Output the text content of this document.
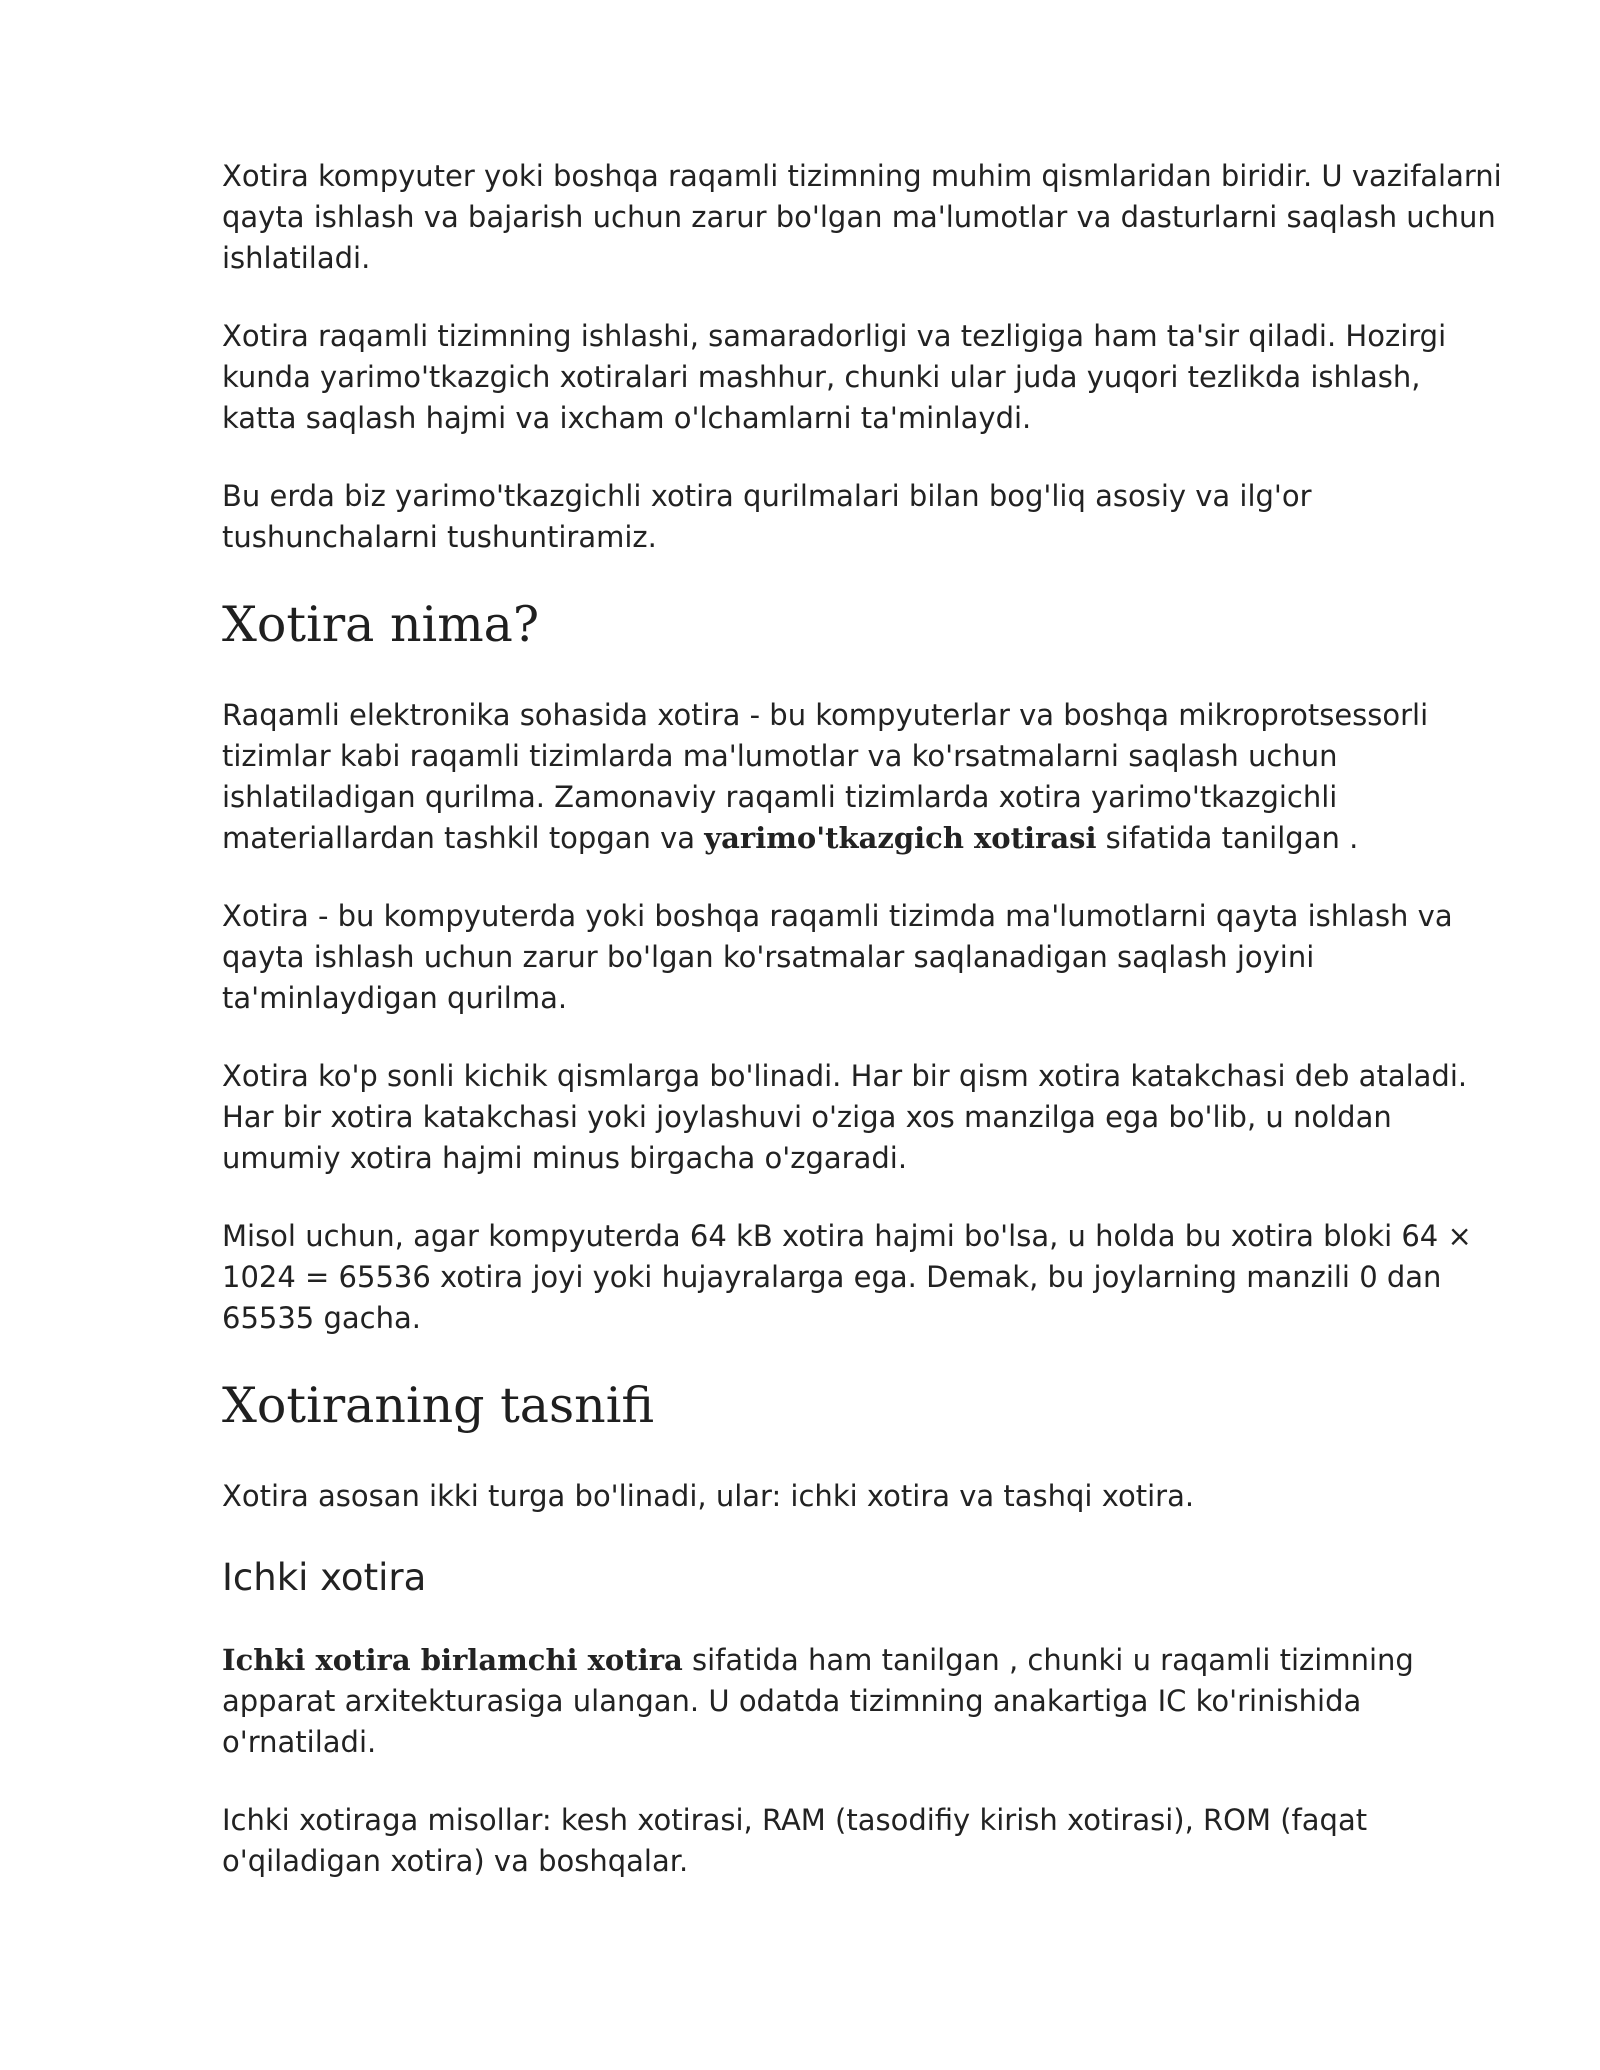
Xotira kompyuter yoki boshqa raqamli tizimning muhim qismlaridan biridir. U vazifalarni qayta ishlash va bajarish uchun zarur bo'lgan ma'lumotlar va dasturlarni saqlash uchun ishlatiladi.

Xotira raqamli tizimning ishlashi, samaradorligi va tezligiga ham ta'sir qiladi. Hozirgi kunda yarimo'tkazgich xotiralari mashhur, chunki ular juda yuqori tezlikda ishlash, katta saqlash hajmi va ixcham o'lchamlarni ta'minlaydi.

Bu erda biz yarimo'tkazgichli xotira qurilmalari bilan bog'liq asosiy va ilg'or tushunchalarni tushuntiramiz.

Xotira nima?

Raqamli elektronika sohasida xotira - bu kompyuterlar va boshqa mikroprotsessorli tizimlar kabi raqamli tizimlarda ma'lumotlar va ko'rsatmalarni saqlash uchun ishlatiladigan qurilma. Zamonaviy raqamli tizimlarda xotira yarimo'tkazgichli materiallardan tashkil topgan va yarimo'tkazgich xotirasi sifatida tanilgan .

Xotira - bu kompyuterda yoki boshqa raqamli tizimda ma'lumotlarni qayta ishlash va qayta ishlash uchun zarur bo'lgan ko'rsatmalar saqlanadigan saqlash joyini ta'minlaydigan qurilma.

Xotira ko'p sonli kichik qismlarga bo'linadi. Har bir qism xotira katakchasi deb ataladi. Har bir xotira katakchasi yoki joylashuvi o'ziga xos manzilga ega bo'lib, u noldan umumiy xotira hajmi minus birgacha o'zgaradi.

Misol uchun, agar kompyuterda 64 kB xotira hajmi bo'lsa, u holda bu xotira bloki 64 × 1024 = 65536 xotira joyi yoki hujayralarga ega. Demak, bu joylarning manzili 0 dan 65535 gacha.

Xotiraning tasnifi

Xotira asosan ikki turga bo'linadi, ular: ichki xotira va tashqi xotira.

Ichki xotira

Ichki xotira birlamchi xotira sifatida ham tanilgan , chunki u raqamli tizimning apparat arxitekturasiga ulangan. U odatda tizimning anakartiga IC ko'rinishida o'rnatiladi.

Ichki xotiraga misollar: kesh xotirasi, RAM (tasodifiy kirish xotirasi), ROM (faqat o'qiladigan xotira) va boshqalar.
